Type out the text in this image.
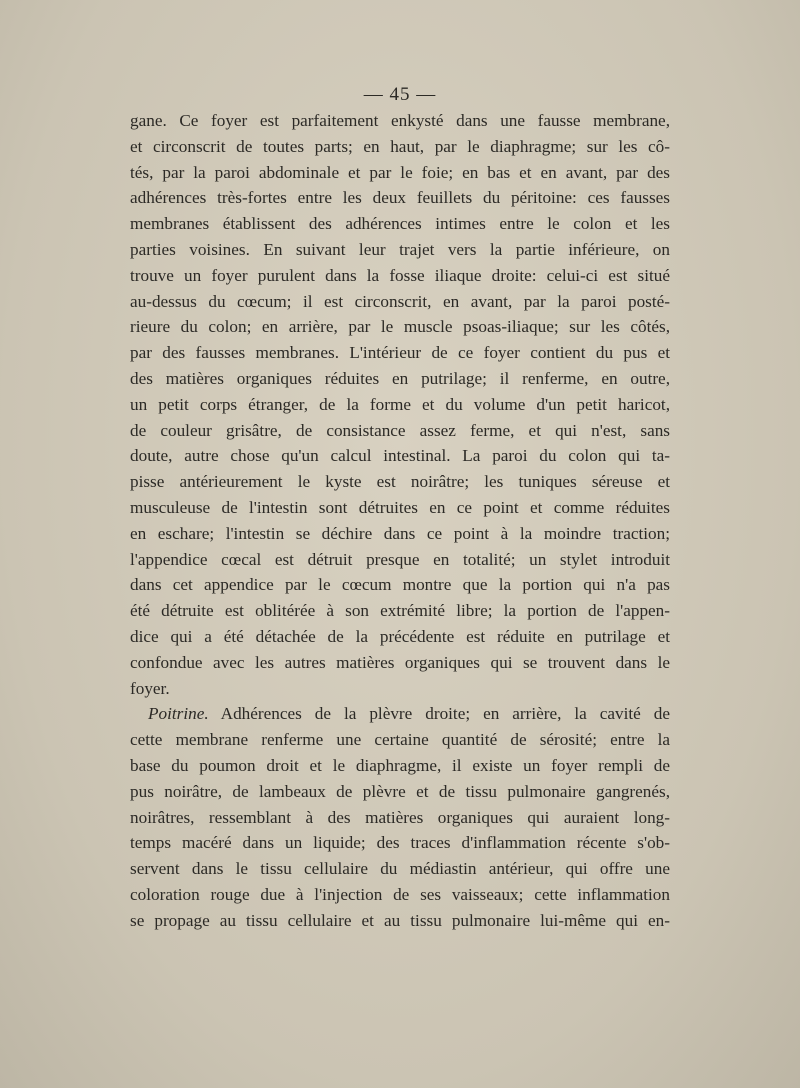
— 45 —
gane. Ce foyer est parfaitement enkysté dans une fausse membrane,
et circonscrit de toutes parts; en haut, par le diaphragme; sur les cô-
tés, par la paroi abdominale et par le foie; en bas et en avant, par des
adhérences très-fortes entre les deux feuillets du péritoine: ces fausses
membranes établissent des adhérences intimes entre le colon et les
parties voisines. En suivant leur trajet vers la partie inférieure, on
trouve un foyer purulent dans la fosse iliaque droite: celui-ci est situé
au-dessus du cœcum; il est circonscrit, en avant, par la paroi posté-
rieure du colon; en arrière, par le muscle psoas-iliaque; sur les côtés,
par des fausses membranes. L'intérieur de ce foyer contient du pus et
des matières organiques réduites en putrilage; il renferme, en outre,
un petit corps étranger, de la forme et du volume d'un petit haricot,
de couleur grisâtre, de consistance assez ferme, et qui n'est, sans
doute, autre chose qu'un calcul intestinal. La paroi du colon qui ta-
pisse antérieurement le kyste est noirâtre; les tuniques séreuse et
musculeuse de l'intestin sont détruites en ce point et comme réduites
en eschare; l'intestin se déchire dans ce point à la moindre traction;
l'appendice cœcal est détruit presque en totalité; un stylet introduit
dans cet appendice par le cœcum montre que la portion qui n'a pas
été détruite est oblitérée à son extrémité libre; la portion de l'appen-
dice qui a été détachée de la précédente est réduite en putrilage et
confondue avec les autres matières organiques qui se trouvent dans le
foyer.
Poitrine. Adhérences de la plèvre droite; en arrière, la cavité de
cette membrane renferme une certaine quantité de sérosité; entre la
base du poumon droit et le diaphragme, il existe un foyer rempli de
pus noirâtre, de lambeaux de plèvre et de tissu pulmonaire gangrenés,
noirâtres, ressemblant à des matières organiques qui auraient long-
temps macéré dans un liquide; des traces d'inflammation récente s'ob-
servent dans le tissu cellulaire du médiastin antérieur, qui offre une
coloration rouge due à l'injection de ses vaisseaux; cette inflammation
se propage au tissu cellulaire et au tissu pulmonaire lui-même qui en-
